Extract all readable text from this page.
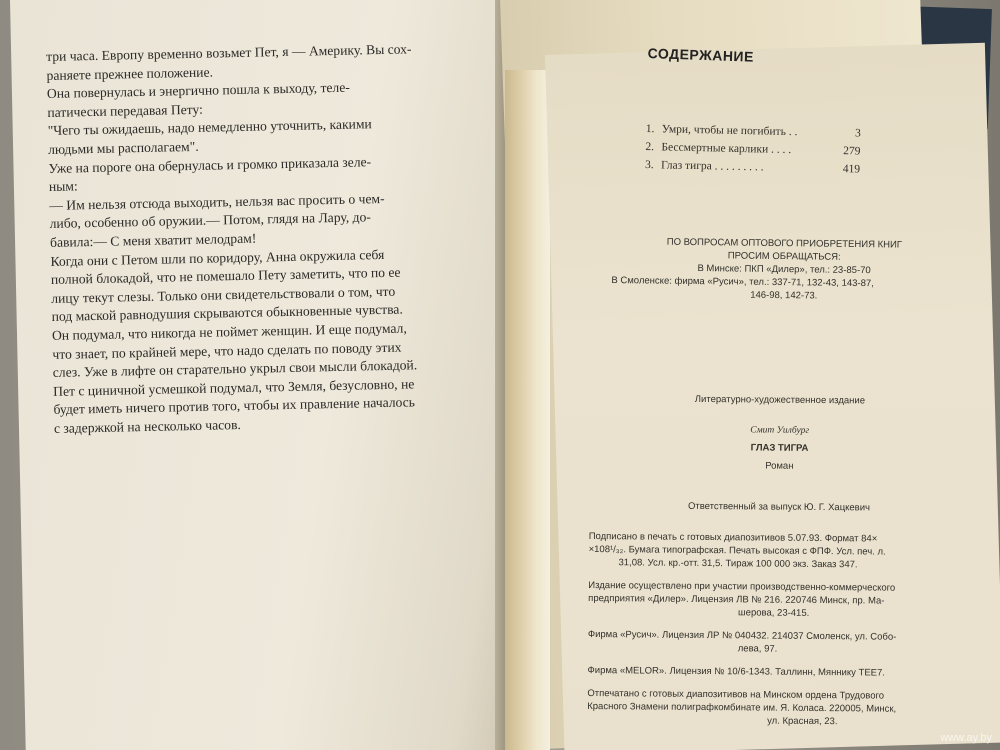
три часа. Европу временно возьмет Пет, я — Америку. Вы сох-
раняете прежнее положение.
Она повернулась и энергично пошла к выходу, теле-
патически передавая Пету:
"Чего ты ожидаешь, надо немедленно уточнить, какими
людьми мы располагаем".
Уже на пороге она обернулась и громко приказала зеле-
ным:
— Им нельзя отсюда выходить, нельзя вас просить о чем-
либо, особенно об оружии.— Потом, глядя на Лару, до-
бавила:— С меня хватит мелодрам!
Когда они с Петом шли по коридору, Анна окружила себя
полной блокадой, что не помешало Пету заметить, что по ее
лицу текут слезы. Только они свидетельствовали о том, что
под маской равнодушия скрываются обыкновенные чувства.
Он подумал, что никогда не поймет женщин. И еще подумал,
что знает, по крайней мере, что надо сделать по поводу этих
слез. Уже в лифте он старательно укрыл свои мысли блокадой.
Пет с циничной усмешкой подумал, что Земля, безусловно, не
будет иметь ничего против того, чтобы их правление началось
с задержкой на несколько часов.
СОДЕРЖАНИЕ
1. Умри, чтобы не погибить . .	3
2. Бессмертные карлики . . . .	279
3. Глаз тигра . . . . . . . . .	419
ПО ВОПРОСАМ ОПТОВОГО ПРИОБРЕТЕНИЯ КНИГ
ПРОСИМ ОБРАЩАТЬСЯ:
В Минске: ПКП «Дилер», тел.: 23-85-70
В Смоленске: фирма «Русич», тел.: 337-71, 132-43, 143-87,
146-98, 142-73.
Литературно-художественное издание
Смит Уилбург
ГЛАЗ ТИГРА
Роман
Ответственный за выпуск Ю. Г. Хацкевич
Подписано в печать с готовых диапозитивов 5.07.93. Формат 84×
×108¹/₃₂. Бумага типографская. Печать высокая с ФПФ. Усл. печ. л.
31,08. Усл. кр.-отт. 31,5. Тираж 100 000 экз. Заказ 347.
Издание осуществлено при участии производственно-коммерческого
предприятия «Дилер». Лицензия ЛВ № 216. 220746 Минск, пр. Ма-
шерова, 23-415.
Фирма «Русич». Лицензия ЛР № 040432. 214037 Смоленск, ул. Собо-
лева, 97.
Фирма «MELOR». Лицензия № 10/6-1343. Таллинн, Мяннику ТЕЕ7.
Отпечатано с готовых диапозитивов на Минском ордена Трудового
Красного Знамени полиграфкомбинате им. Я. Коласа. 220005, Минск,
ул. Красная, 23.
www.ay.by
